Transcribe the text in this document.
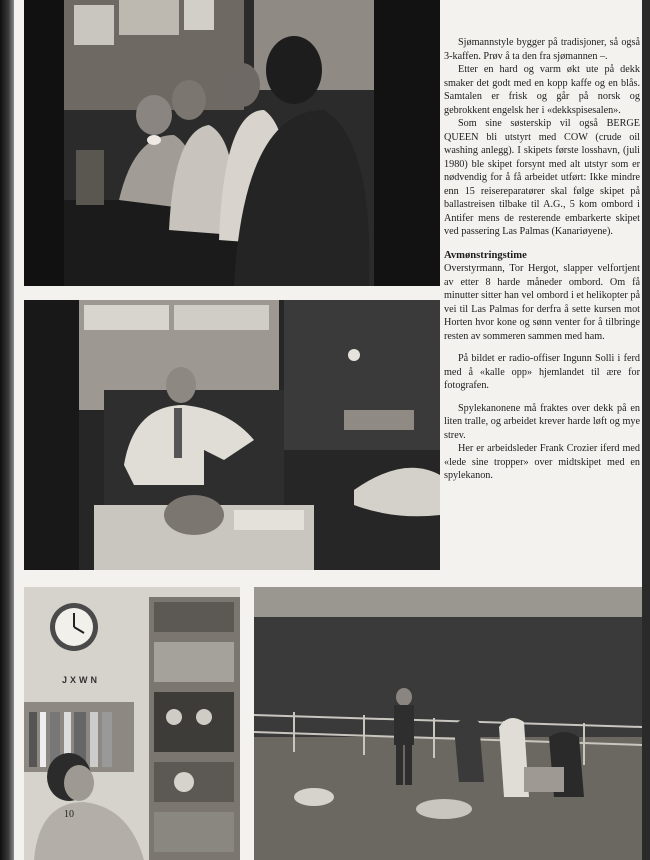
JXWN
10

Sjømannstyle bygger på tradisjoner, så også 3-kaffen. Prøv å ta den fra sjømannen –.

Etter en hard og varm økt ute på dekk smaker det godt med en kopp kaffe og en blås. Samtalen er frisk og går på norsk og gebrokkent engelsk her i «dekkspisesalen».

Som sine søsterskip vil også BERGE QUEEN bli utstyrt med COW (crude oil washing anlegg). I skipets første losshavn, (juli 1980) ble skipet forsynt med alt utstyr som er nødvendig for å få arbeidet utført: Ikke mindre enn 15 reisereparatører skal følge skipet på ballastreisen tilbake til A.G., 5 kom ombord i Antifer mens de resterende embarkerte skipet ved passering Las Palmas (Kanariøyene).

Avmønstringstime

Overstyrmann, Tor Hergot, slapper velfortjent av etter 8 harde måneder ombord. Om få minutter sitter han vel ombord i et helikopter på vei til Las Palmas for derfra å sette kursen mot Horten hvor kone og sønn venter for å tilbringe resten av sommeren sammen med ham.

På bildet er radio-offiser Ingunn Solli i ferd med å «kalle opp» hjemlandet til ære for fotografen.

Spylekanonene må fraktes over dekk på en liten tralle, og arbeidet krever harde løft og mye strev.

Her er arbeidsleder Frank Crozier iferd med «lede sine tropper» over midtskipet med en spylekanon.
